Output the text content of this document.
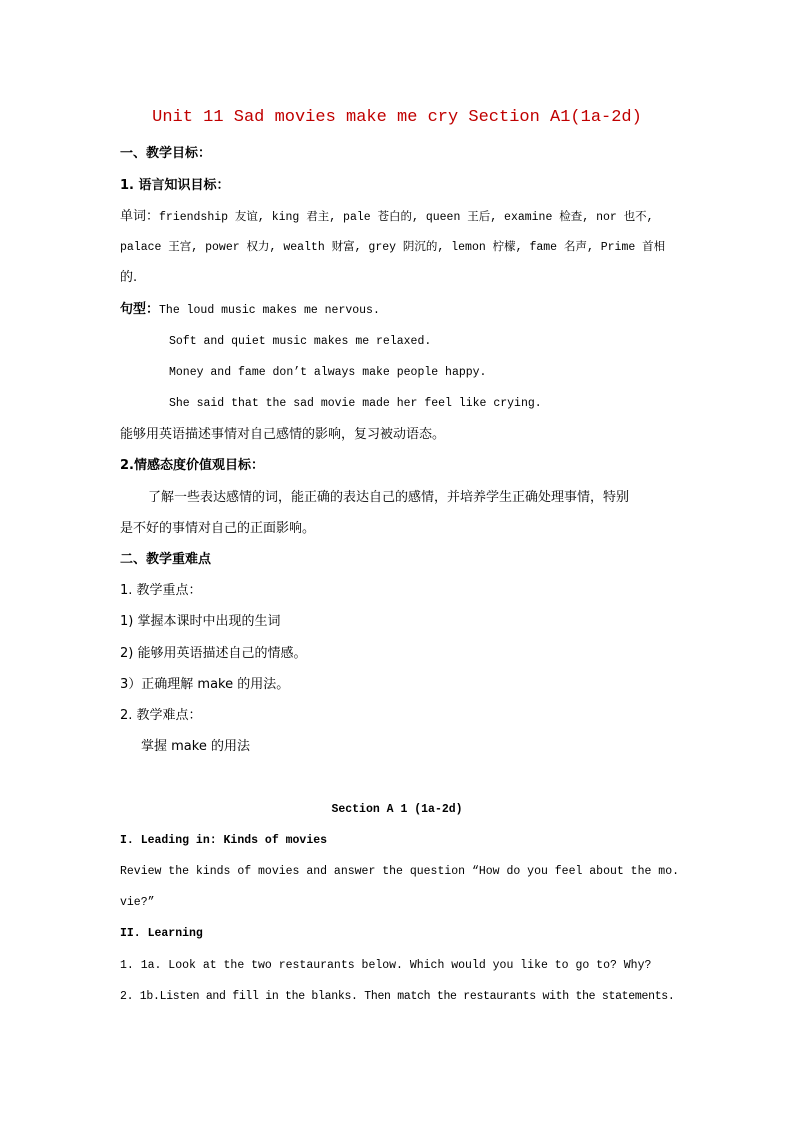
Unit 11 Sad movies make me cry Section A1(1a-2d)
一、教学目标：
1. 语言知识目标：
单词：friendship 友谊, king 君主, pale 苍白的, queen 王后, examine 检查, nor 也不,
palace 王宫, power 权力, wealth 财富, grey 阴沉的, lemon 柠檬, fame 名声, Prime 首相
的.
句型：The loud music makes me nervous.
Soft and quiet music makes me relaxed.
Money and fame don’t always make people happy.
She said that the sad movie made her feel like crying.
能够用英语描述事情对自己感情的影响，复习被动语态。
2.情感态度价值观目标：
了解一些表达感情的词，能正确的表达自己的感情，并培养学生正确处理事情，特别
是不好的事情对自己的正面影响。
二、教学重难点
1. 教学重点：
1) 掌握本课时中出现的生词
2) 能够用英语描述自己的情感。
3）正确理解 make 的用法。
2. 教学难点：
掌握 make 的用法
Section A 1 (1a-2d)
I. Leading in: Kinds of movies
Review the kinds of movies and answer the question “How do you feel about the mo.
vie?”
II. Learning
1. 1a. Look at the two restaurants below. Which would you like to go to? Why?
2. 1b.Listen and fill in the blanks. Then match the restaurants with the statements.
